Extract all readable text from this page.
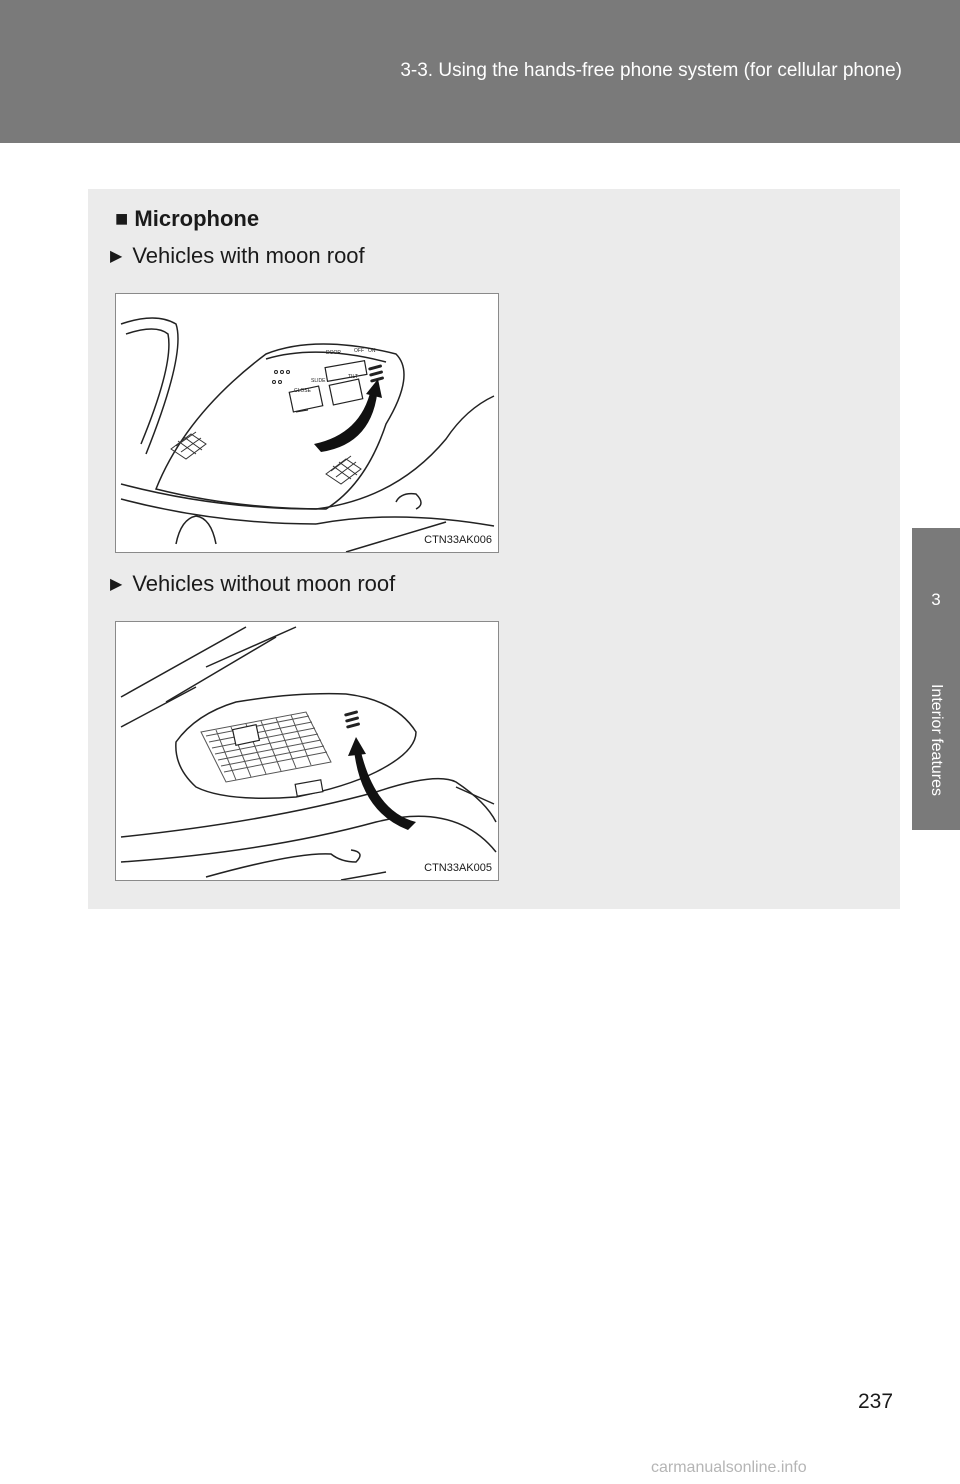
3-3. Using the hands-free phone system (for cellular phone)
3
Interior features
■ Microphone
▶ Vehicles with moon roof
SLIDE
TILT
CLOSE
DOOR	OFF ON
CTN33AK006
▶ Vehicles without moon roof
CTN33AK005
237
carmanualsonline.info
